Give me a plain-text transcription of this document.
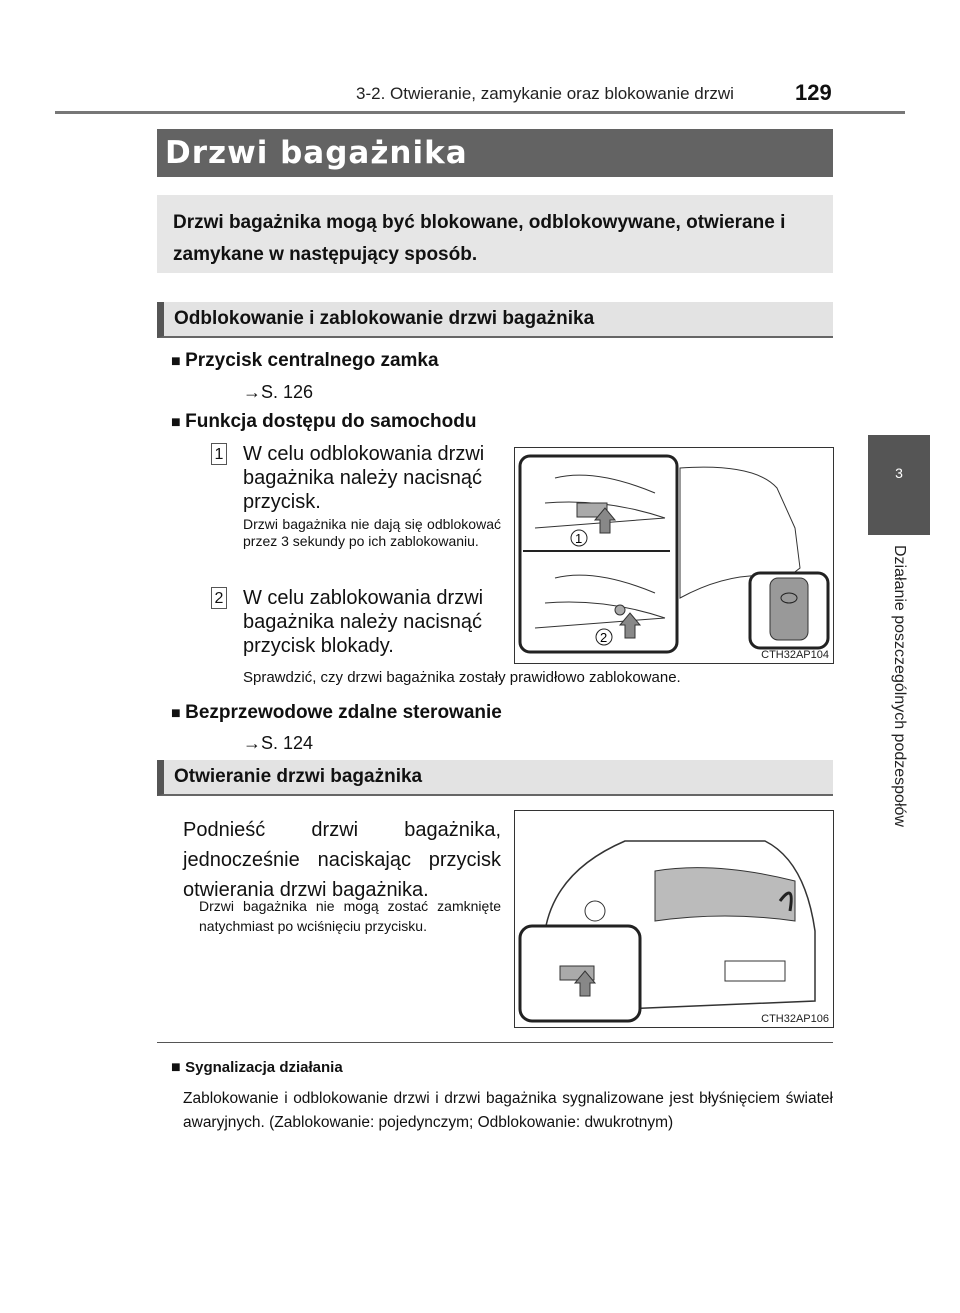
3-2. Otwieranie, zamykanie oraz blokowanie drzwi	129
3
Działanie poszczególnych podzespołów
Drzwi bagażnika
Drzwi bagażnika mogą być blokowane, odblokowywane, otwierane i zamykane w następujący sposób.
Odblokowanie i zablokowanie drzwi bagażnika
■ Przycisk centralnego zamka
→S. 126
■ Funkcja dostępu do samochodu
1 W celu odblokowania drzwi bagażnika należy nacisnąć przycisk.
Drzwi bagażnika nie dają się odblokować przez 3 sekundy po ich zablokowaniu.
2 W celu zablokowania drzwi bagażnika należy nacisnąć przycisk blokady.
1
2
CTH32AP104
Sprawdzić, czy drzwi bagażnika zostały prawidłowo zablokowane.
■ Bezprzewodowe zdalne sterowanie
→S. 124
Otwieranie drzwi bagażnika
Podnieść drzwi bagażnika, jednocześnie naciskając przycisk otwierania drzwi bagażnika.
Drzwi bagażnika nie mogą zostać zamknięte natychmiast po wciśnięciu przycisku.
CTH32AP106
■ Sygnalizacja działania
Zablokowanie i odblokowanie drzwi i drzwi bagażnika sygnalizowane jest błyśnięciem świateł awaryjnych. (Zablokowanie: pojedynczym; Odblokowanie: dwukrotnym)
